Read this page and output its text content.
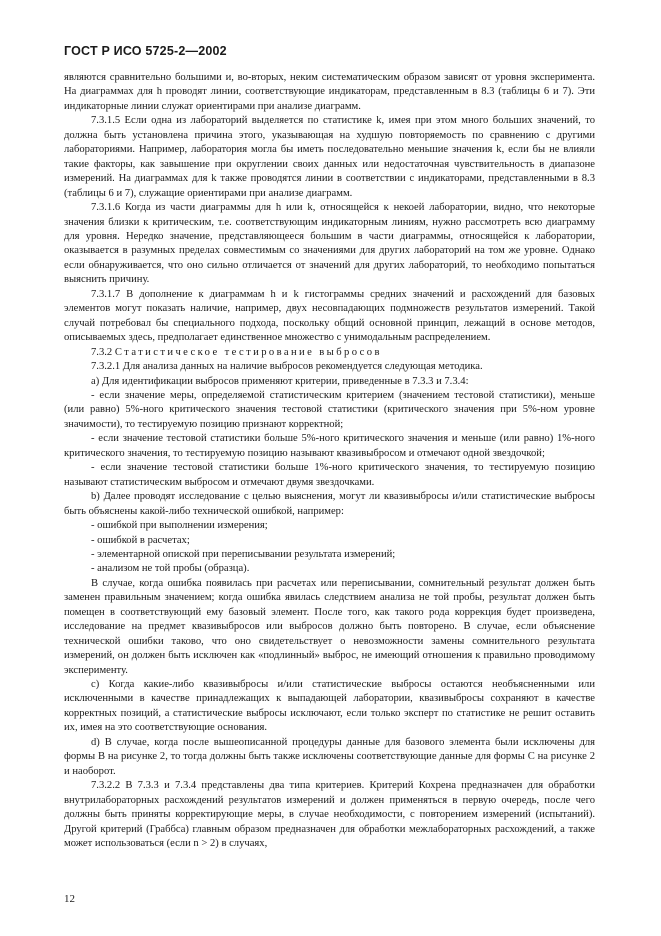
ГОСТ Р ИСО 5725-2—2002

являются сравнительно большими и, во-вторых, неким систематическим образом зависят от уровня эксперимента. На диаграммах для h проводят линии, соответствующие индикаторам, представленным в 8.3 (таблицы 6 и 7). Эти индикаторные линии служат ориентирами при анализе диаграмм.

7.3.1.5 Если одна из лабораторий выделяется по статистике k, имея при этом много больших значений, то должна быть установлена причина этого, указывающая на худшую повторяемость по сравнению с другими лабораториями. Например, лаборатория могла бы иметь последовательно меньшие значения k, если бы не влияли такие факторы, как завышение при округлении своих данных или недостаточная чувствительность в диапазоне измерений. На диаграммах для k также проводятся линии в соответствии с индикаторами, представленными в 8.3 (таблицы 6 и 7), служащие ориентирами при анализе диаграмм.

7.3.1.6 Когда из части диаграммы для h или k, относящейся к некоей лаборатории, видно, что некоторые значения близки к критическим, т.е. соответствующим индикаторным линиям, нужно рассмотреть всю диаграмму для уровня. Нередко значение, представляющееся большим в части диаграммы, относящейся к лаборатории, оказывается в разумных пределах совместимым со значениями для других лабораторий на том же уровне. Однако если обнаруживается, что оно сильно отличается от значений для других лабораторий, то необходимо попытаться выяснить причину.

7.3.1.7 В дополнение к диаграммам h и k гистограммы средних значений и расхождений для базовых элементов могут показать наличие, например, двух несовпадающих подмножеств результатов измерений. Такой случай потребовал бы специального подхода, поскольку общий основной принцип, лежащий в основе методов, описываемых здесь, предполагает единственное множество с унимодальным распределением.

7.3.2 Статистическое тестирование выбросов

7.3.2.1 Для анализа данных на наличие выбросов рекомендуется следующая методика.

а) Для идентификации выбросов применяют критерии, приведенные в 7.3.3 и 7.3.4:

- если значение меры, определяемой статистическим критерием (значением тестовой статистики), меньше (или равно) 5%-ного критического значения тестовой статистики (критического значения при 5%-ном уровне значимости), то тестируемую позицию признают корректной;

- если значение тестовой статистики больше 5%-ного критического значения и меньше (или равно) 1%-ного критического значения, то тестируемую позицию называют квазивыбросом и отмечают одной звездочкой;

- если значение тестовой статистики больше 1%-ного критического значения, то тестируемую позицию называют статистическим выбросом и отмечают двумя звездочками.

b) Далее проводят исследование с целью выяснения, могут ли квазивыбросы и/или статистические выбросы быть объяснены какой-либо технической ошибкой, например:

- ошибкой при выполнении измерения;

- ошибкой в расчетах;

- элементарной опиской при переписывании результата измерений;

- анализом не той пробы (образца).

В случае, когда ошибка появилась при расчетах или переписывании, сомнительный результат должен быть заменен правильным значением; когда ошибка явилась следствием анализа не той пробы, результат должен быть помещен в соответствующий ему базовый элемент. После того, как такого рода коррекция будет произведена, исследование на предмет квазивыбросов или выбросов должно быть повторено. В случае, если объяснение технической ошибки таково, что оно свидетельствует о невозможности замены сомнительного результата измерений, он должен быть исключен как «подлинный» выброс, не имеющий отношения к правильно проводимому эксперименту.

с) Когда какие-либо квазивыбросы и/или статистические выбросы остаются необъясненными или исключенными в качестве принадлежащих к выпадающей лаборатории, квазивыбросы сохраняют в качестве корректных позиций, а статистические выбросы исключают, если только эксперт по статистике не решит оставить их, имея на это соответствующие основания.

d) В случае, когда после вышеописанной процедуры данные для базового элемента были исключены для формы В на рисунке 2, то тогда должны быть также исключены соответствующие данные для формы С на рисунке 2 и наоборот.

7.3.2.2 В 7.3.3 и 7.3.4 представлены два типа критериев. Критерий Кохрена предназначен для обработки внутрилабораторных расхождений результатов измерений и должен применяться в первую очередь, после чего должны быть приняты корректирующие меры, в случае необходимости, с повторением измерений (испытаний). Другой критерий (Граббса) главным образом предназначен для обработки межлабораторных расхождений, а также может использоваться (если n > 2) в случаях,

12
